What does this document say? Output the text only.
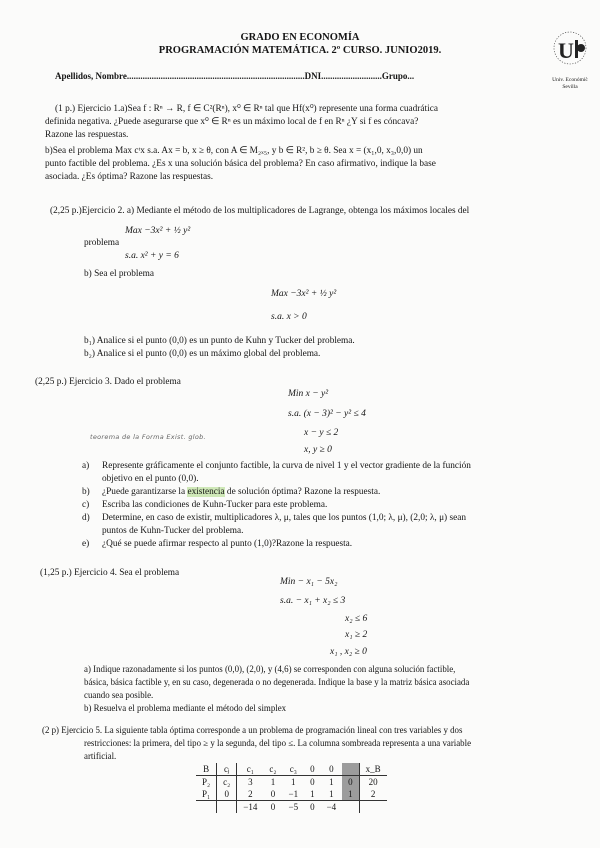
GRADO EN ECONOMÍA
PROGRAMACIÓN MATEMÁTICA. 2º CURSO. JUNIO2019.
Apellidos, Nombre...............................................................................DNI...........................Grupo...
U
Univ. Económic̀ Sevilla
(1 p.) Ejercicio 1.a)Sea f : Rⁿ → R, f ∈ C²(Rⁿ), x⁰ ∈ Rⁿ tal que Hf(x⁰) represente una forma cuadrática
definida negativa. ¿Puede asegurarse que x⁰ ∈ Rⁿ es un máximo local de f en Rⁿ ¿Y si f es cóncava?
Razone las respuestas.
b)Sea el problema Max cᵗx s.a. Ax = b, x ≥ θ, con A ∈ M₂ₓ₅, y b ∈ R², b ≥ θ. Sea x = (x₁,0, x₃,0,0) un
punto factible del problema. ¿Es x una solución básica del problema? En caso afirmativo, indique la base
asociada. ¿Es óptima? Razone las respuestas.
(2,25 p.)Ejercicio 2. a) Mediante el método de los multiplicadores de Lagrange, obtenga los máximos locales del
problema
Max −3x² + ½ y²
s.a. x² + y = 6
b) Sea el problema
Max −3x² + ½ y²
s.a. x > 0
b₁) Analice si el punto (0,0) es un punto de Kuhn y Tucker del problema.
b₂) Analice si el punto (0,0) es un máximo global del problema.
(2,25 p.) Ejercicio 3. Dado el problema
Min x − y²
s.a. (x − 3)² − y² ≤ 4
teorema de la Forma Exist. glob.	x − y ≤ 2
x, y ≥ 0
a)	Represente gráficamente el conjunto factible, la curva de nivel 1 y el vector gradiente de la función
objetivo en el punto (0,0).
b)	¿Puede garantizarse la existencia de solución óptima? Razone la respuesta.
c)	Escriba las condiciones de Kuhn-Tucker para este problema.
d)	Determine, en caso de existir, multiplicadores λ, μ, tales que los puntos (1,0; λ, μ), (2,0; λ, μ) sean
puntos de Kuhn-Tucker del problema.
e)	¿Qué se puede afirmar respecto al punto (1,0)?Razone la respuesta.
(1,25 p.) Ejercicio 4. Sea el problema
Min − x₁ − 5x₂
s.a. − x₁ + x₂ ≤ 3
x₂ ≤ 6
x₁ ≥ 2
x₁ , x₂ ≥ 0
a) Indique razonadamente si los puntos (0,0), (2,0), y (4,6) se corresponden con alguna solución factible,
básica, básica factible y, en su caso, degenerada o no degenerada. Indique la base y la matriz básica asociada
cuando sea posible.
b) Resuelva el problema mediante el método del simplex
(2 p) Ejercicio 5. La siguiente tabla óptima corresponde a un problema de programación lineal con tres variables y dos
restricciones: la primera, del tipo ≥ y la segunda, del tipo ≤. La columna sombreada representa a una variable
artificial.
B	cⱼ	c₁	c₂	c₃	0	0		x_B
P₂	c₂	3	1	1	0	1	0	20
P₁	0	2	0	−1	1	1	1	2
		−14	0	−5	0	−4		
